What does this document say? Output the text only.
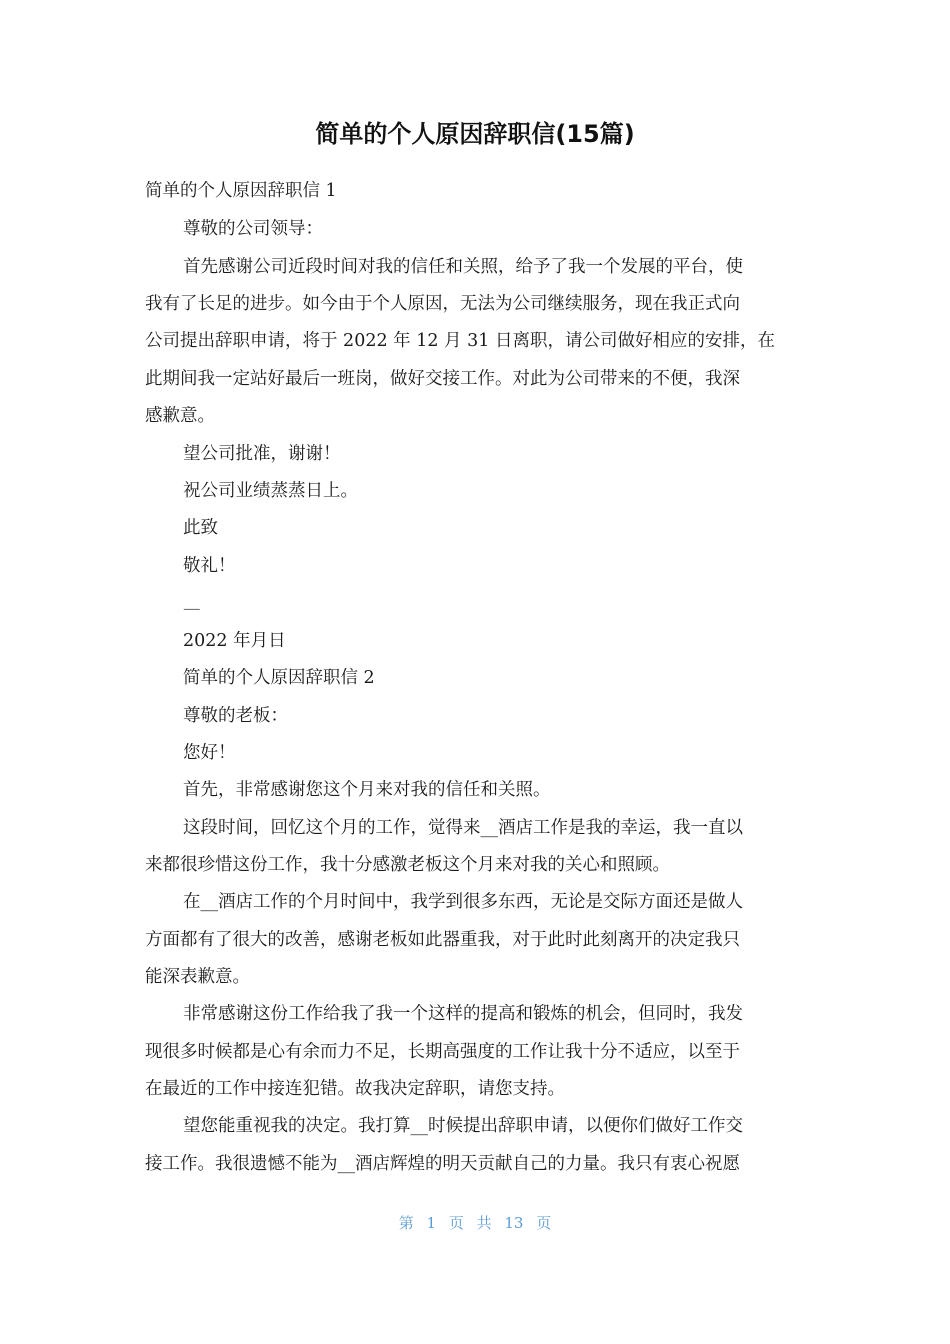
简单的个人原因辞职信(15篇)
简单的个人原因辞职信 1
尊敬的公司领导：
首先感谢公司近段时间对我的信任和关照，给予了我一个发展的平台，使
我有了长足的进步。如今由于个人原因，无法为公司继续服务，现在我正式向
公司提出辞职申请，将于 2022 年 12 月 31 日离职，请公司做好相应的安排，在
此期间我一定站好最后一班岗，做好交接工作。对此为公司带来的不便，我深
感歉意。
望公司批准，谢谢！
祝公司业绩蒸蒸日上。
此致
敬礼！
—
2022 年月日
简单的个人原因辞职信 2
尊敬的老板：
您好！
首先，非常感谢您这个月来对我的信任和关照。
这段时间，回忆这个月的工作，觉得来__酒店工作是我的幸运，我一直以
来都很珍惜这份工作，我十分感激老板这个月来对我的关心和照顾。
在__酒店工作的个月时间中，我学到很多东西，无论是交际方面还是做人
方面都有了很大的改善，感谢老板如此器重我，对于此时此刻离开的决定我只
能深表歉意。
非常感谢这份工作给我了我一个这样的提高和锻炼的机会，但同时，我发
现很多时候都是心有余而力不足，长期高强度的工作让我十分不适应，以至于
在最近的工作中接连犯错。故我决定辞职，请您支持。
望您能重视我的决定。我打算__时候提出辞职申请，以便你们做好工作交
接工作。我很遗憾不能为__酒店辉煌的明天贡献自己的力量。我只有衷心祝愿
第 1 页 共 13 页
